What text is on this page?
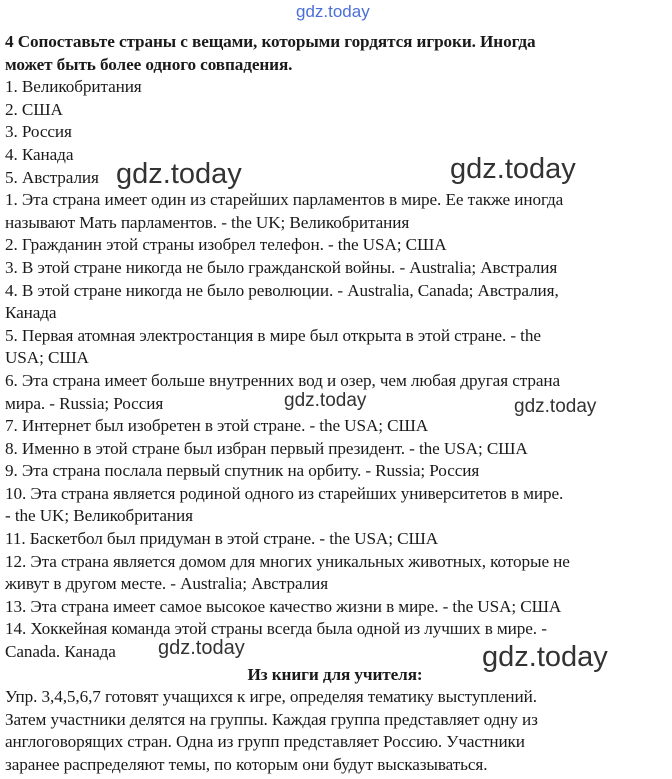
4 Сопоставьте страны с вещами, которыми гордятся игроки. Иногда
может быть более одного совпадения.
1. Великобритания
2. США
3. Россия
4. Канада
5. Австралия
1. Эта страна имеет один из старейших парламентов в мире. Ее также иногда
называют Мать парламентов. - the UK; Великобритания
2. Гражданин этой страны изобрел телефон. - the USA; США
3. В этой стране никогда не было гражданской войны. - Australia; Австралия
4. В этой стране никогда не было революции. - Australia, Canada; Австралия,
Канада
5. Первая атомная электростанция в мире был открыта в этой стране. - the
USA; США
6. Эта страна имеет больше внутренних вод и озер, чем любая другая страна
мира. - Russia; Россия
7. Интернет был изобретен в этой стране. - the USA; США
8. Именно в этой стране был избран первый президент. - the USA; США
9. Эта страна послала первый спутник на орбиту. - Russia; Россия
10. Эта страна является родиной одного из старейших университетов в мире.
- the UK; Великобритания
11. Баскетбол был придуман в этой стране. - the USA; США
12. Эта страна является домом для многих уникальных животных, которые не
живут в другом месте. - Australia; Австралия
13. Эта страна имеет самое высокое качество жизни в мире. - the USA; США
14. Хоккейная команда этой страны всегда была одной из лучших в мире. -
Canada. Канада
Из книги для учителя:
Упр. 3,4,5,6,7 готовят учащихся к игре, определяя тематику выступлений.
Затем участники делятся на группы. Каждая группа представляет одну из
англоговорящих стран. Одна из групп представляет Россию. Участники
заранее распределяют темы, по которым они будут высказываться.
gdz.today
gdz.today	gdz.today
gdz.today	gdz.today
gdz.today	gdz.today
